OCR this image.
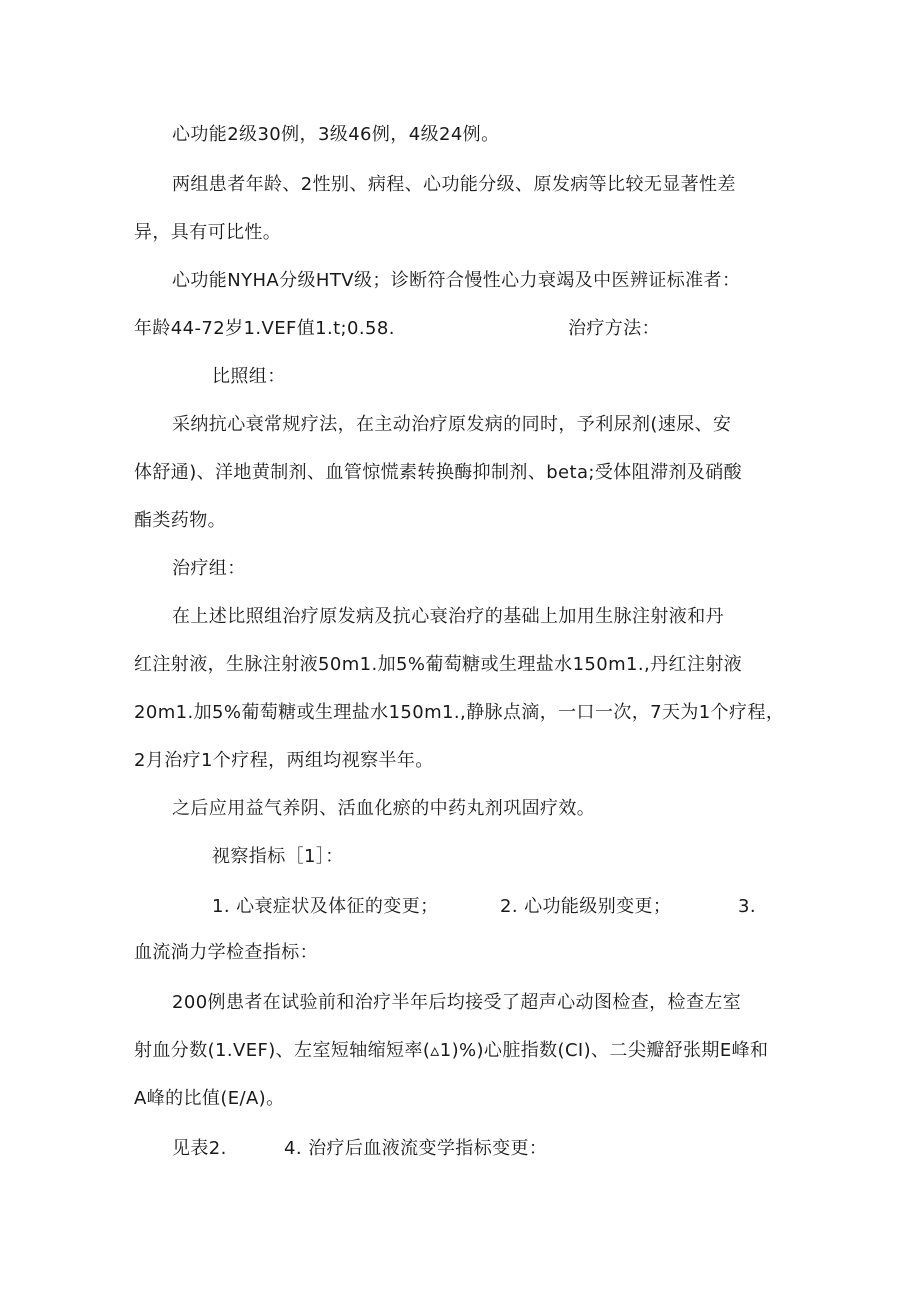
心功能2级30例，3级46例，4级24例。
两组患者年龄、2性别、病程、心功能分级、原发病等比较无显著性差
异，具有可比性。
心功能NYHA分级HTV级；诊断符合慢性心力衰竭及中医辨证标准者：
年龄44-72岁1.VEF值1.t;0.58.	治疗方法：
比照组：
采纳抗心衰常规疗法，在主动治疗原发病的同时，予利尿剂(速尿、安
体舒通)、洋地黄制剂、血管惊慌素转换酶抑制剂、beta;受体阻滞剂及硝酸
酯类药物。
治疗组：
在上述比照组治疗原发病及抗心衰治疗的基础上加用生脉注射液和丹
红注射液，生脉注射液50m1.加5%葡萄糖或生理盐水150m1.,丹红注射液
20m1.加5%葡萄糖或生理盐水150m1.,静脉点滴，一口一次，7天为1个疗程，
2月治疗1个疗程，两组均视察半年。
之后应用益气养阴、活血化瘀的中药丸剂巩固疗效。
视察指标［1］：
1. 心衰症状及体征的变更；	2. 心功能级别变更；	3.
血流淌力学检查指标：
200例患者在试验前和治疗半年后均接受了超声心动图检查，检查左室
射血分数(1.VEF)、左室短轴缩短率(▵1)%)心脏指数(CI)、二尖瓣舒张期E峰和
A峰的比值(E/A)。
见表2.	4. 治疗后血液流变学指标变更：
